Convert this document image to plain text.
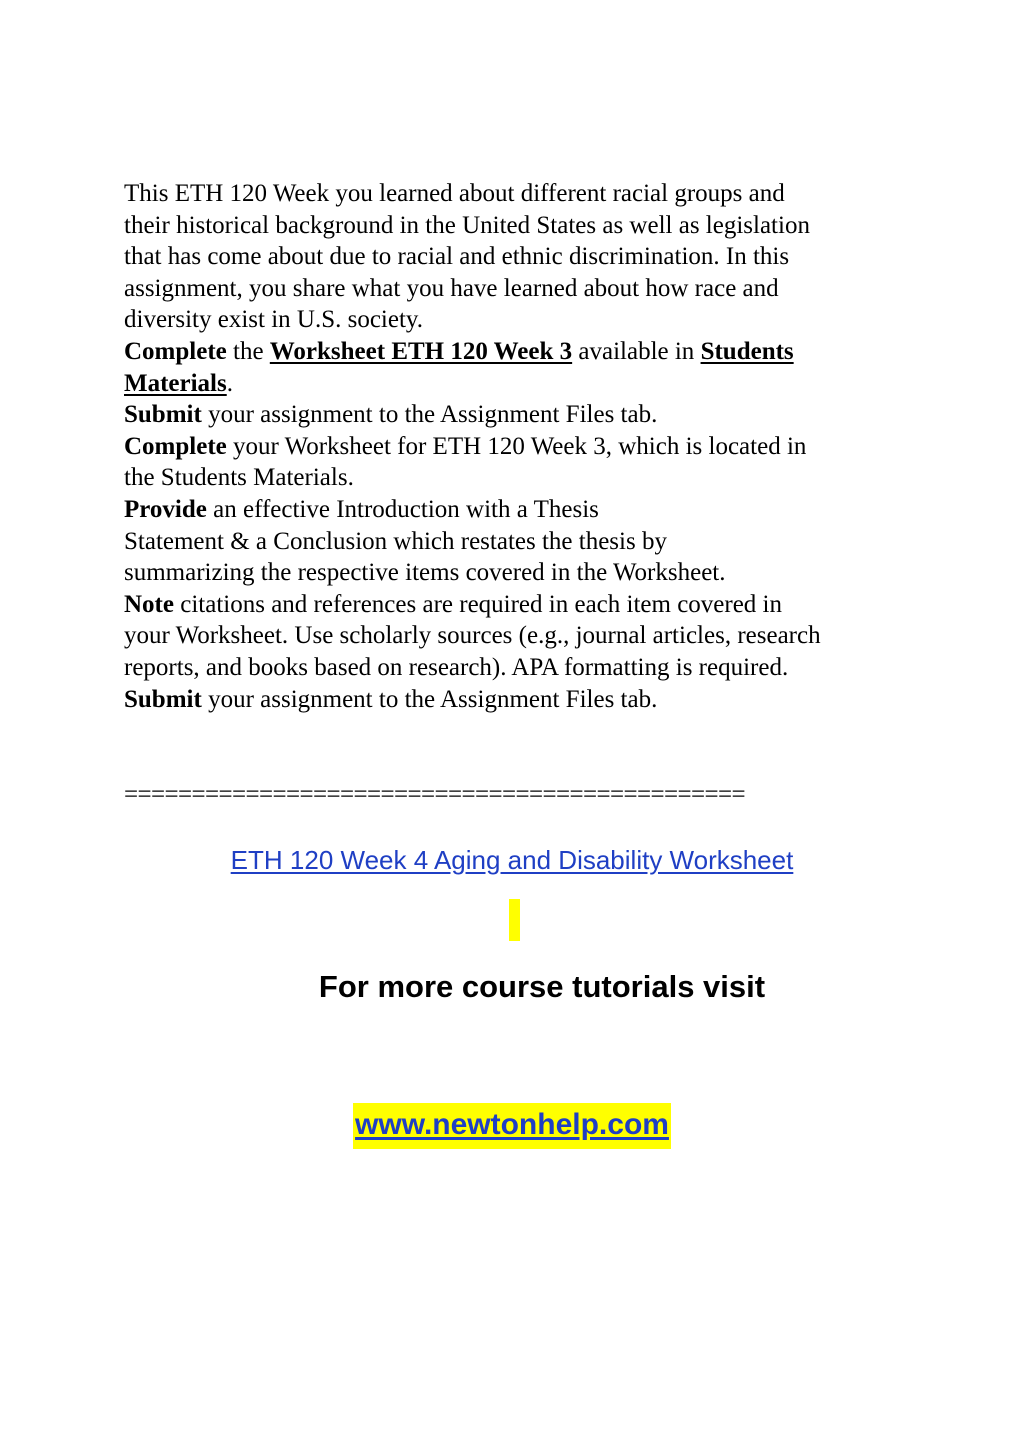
This ETH 120 Week you learned about different racial groups and
their historical background in the United States as well as legislation
that has come about due to racial and ethnic discrimination. In this
assignment, you share what you have learned about how race and
diversity exist in U.S. society.
Complete the Worksheet ETH 120 Week 3 available in Students
Materials.
Submit your assignment to the Assignment Files tab.
Complete your Worksheet for ETH 120 Week 3, which is located in
the Students Materials.
Provide an effective Introduction with a Thesis
Statement & a Conclusion which restates the thesis by
summarizing the respective items covered in the Worksheet.
Note citations and references are required in each item covered in
your Worksheet. Use scholarly sources (e.g., journal articles, research
reports, and books based on research). APA formatting is required.
Submit your assignment to the Assignment Files tab.
==============================================
ETH 120 Week 4 Aging and Disability Worksheet
For more course tutorials visit
www.newtonhelp.com
